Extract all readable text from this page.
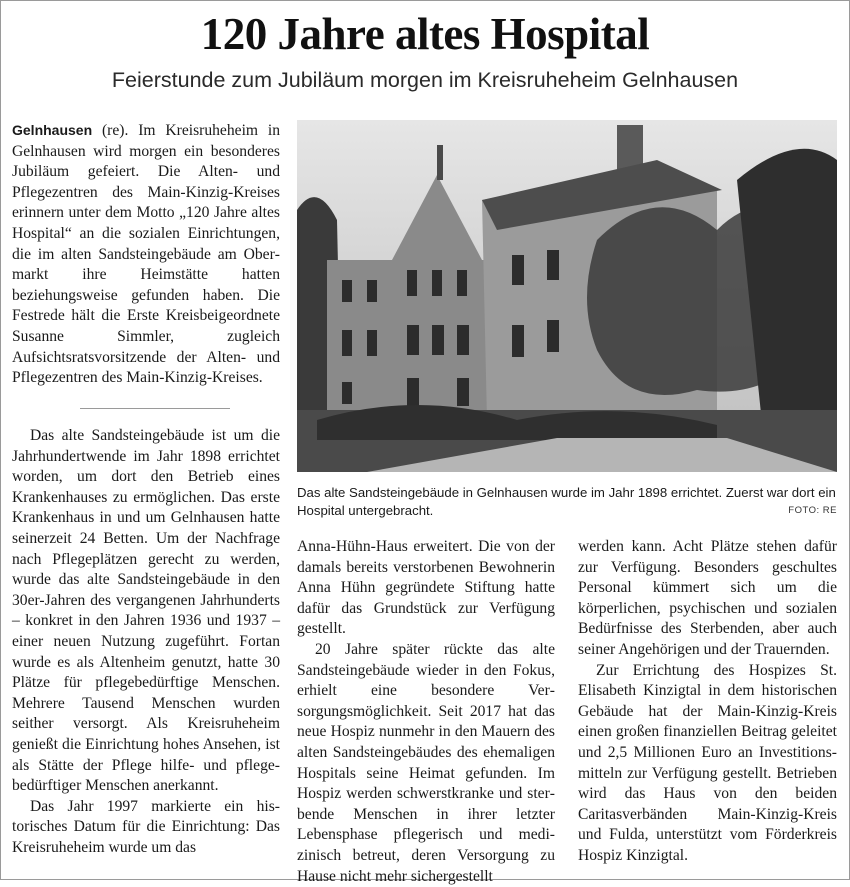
120 Jahre altes Hospital
Feierstunde zum Jubiläum morgen im Kreisruheheim Gelnhausen

Gelnhausen (re). Im Kreisruheheim in Gelnhausen wird morgen ein besonderes Jubiläum gefeiert. Die Alten- und Pflegezentren des Main-Kinzig-Kreises erinnern unter dem Motto „120 Jahre altes Hospital“ an die sozialen Einrichtungen, die im alten Sandsteingebäude am Obermarkt ihre Heimstätte hatten beziehungsweise gefunden haben. Die Festrede hält die Erste Kreisbeigeordnete Susanne Simmler, zugleich Aufsichtsratsvorsitzende der Alten- und Pflegezentren des Main-Kinzig-Kreises.

Das alte Sandsteingebäude ist um die Jahrhundertwende im Jahr 1898 errichtet worden, um dort den Betrieb eines Krankenhauses zu ermöglichen. Das erste Krankenhaus in und um Gelnhausen hatte seinerzeit 24 Betten. Um der Nachfrage nach Pflegeplätzen gerecht zu werden, wurde das alte Sandsteingebäude in den 30er-Jahren des vergangenen Jahrhunderts – konkret in den Jahren 1936 und 1937 – einer neuen Nutzung zugeführt. Fortan wurde es als Altenheim genutzt, hatte 30 Plätze für pflegebedürftige Menschen. Mehrere Tausend Menschen wurden seither versorgt. Als Kreisruheheim genießt die Einrichtung hohes Ansehen, ist als Stätte der Pflege hilfe- und pflegebedürftiger Menschen anerkannt.

Das Jahr 1997 markierte ein historisches Datum für die Einrichtung: Das Kreisruheheim wurde um das

Das alte Sandsteingebäude in Gelnhausen wurde im Jahr 1898 errichtet. Zuerst war dort ein Hospital untergebracht.	FOTO: RE

Anna-Hühn-Haus erweitert. Die von der damals bereits verstorbenen Bewohnerin Anna Hühn gegründete Stiftung hatte dafür das Grundstück zur Verfügung gestellt.

20 Jahre später rückte das alte Sandsteingebäude wieder in den Fokus, erhielt eine besondere Versorgungsmöglichkeit. Seit 2017 hat das neue Hospiz nunmehr in den Mauern des alten Sandsteingebäudes des ehemaligen Hospitals seine Heimat gefunden. Im Hospiz werden schwerstkranke und sterbende Menschen in ihrer letzter Lebensphase pflegerisch und medizinisch betreut, deren Versorgung zu Hause nicht mehr sichergestellt

werden kann. Acht Plätze stehen dafür zur Verfügung. Besonders geschultes Personal kümmert sich um die körperlichen, psychischen und sozialen Bedürfnisse des Sterbenden, aber auch seiner Angehörigen und der Trauernden.

Zur Errichtung des Hospizes St. Elisabeth Kinzigtal in dem historischen Gebäude hat der Main-Kinzig-Kreis einen großen finanziellen Beitrag geleitet und 2,5 Millionen Euro an Investitionsmitteln zur Verfügung gestellt. Betrieben wird das Haus von den beiden Caritasverbänden Main-Kinzig-Kreis und Fulda, unterstützt vom Förderkreis Hospiz Kinzigtal.
